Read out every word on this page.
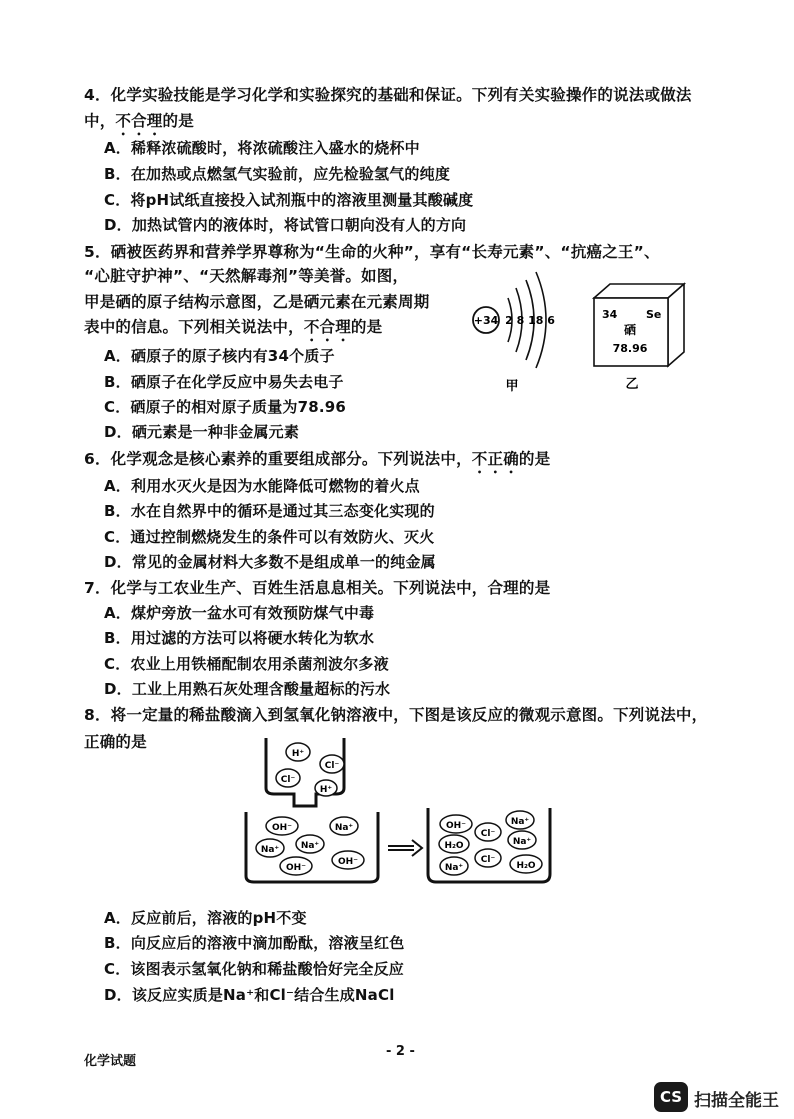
4．化学实验技能是学习化学和实验探究的基础和保证。下列有关实验操作的说法或做法
中，不合理的是
A．稀释浓硫酸时，将浓硫酸注入盛水的烧杯中
B．在加热或点燃氢气实验前，应先检验氢气的纯度
C．将pH试纸直接投入试剂瓶中的溶液里测量其酸碱度
D．加热试管内的液体时，将试管口朝向没有人的方向
5．硒被医药界和营养学界尊称为“生命的火种”，享有“长寿元素”、“抗癌之王”、
“心脏守护神”、“天然解毒剂”等美誉。如图，
甲是硒的原子结构示意图，乙是硒元素在元素周期
表中的信息。下列相关说法中，不合理的是
A．硒原子的原子核内有34个质子
B．硒原子在化学反应中易失去电子
C．硒原子的相对原子质量为78.96
D．硒元素是一种非金属元素
+34 2 8 18 6
甲
34	Se
硒
78.96
乙
6．化学观念是核心素养的重要组成部分。下列说法中，不正确的是
A．利用水灭火是因为水能降低可燃物的着火点
B．水在自然界中的循环是通过其三态变化实现的
C．通过控制燃烧发生的条件可以有效防火、灭火
D．常见的金属材料大多数不是组成单一的纯金属
7．化学与工农业生产、百姓生活息息相关。下列说法中，合理的是
A．煤炉旁放一盆水可有效预防煤气中毒
B．用过滤的方法可以将硬水转化为软水
C．农业上用铁桶配制农用杀菌剂波尔多液
D．工业上用熟石灰处理含酸量超标的污水
8．将一定量的稀盐酸滴入到氢氧化钠溶液中，下图是该反应的微观示意图。下列说法中，
正确的是
H⁺
Cl⁻
Cl⁻
H⁺
OH⁻	Na⁺
Na⁺ Na⁺
OH⁻
OH⁻
OH⁻	Na⁺
H₂O
Cl⁻
Na⁺
Na⁺
Cl⁻
H₂O
A．反应前后，溶液的pH不变
B．向反应后的溶液中滴加酚酞，溶液呈红色
C．该图表示氢氧化钠和稀盐酸恰好完全反应
D．该反应实质是Na⁺和Cl⁻结合生成NaCl
化学试题
- 2 -
CS 扫描全能王
